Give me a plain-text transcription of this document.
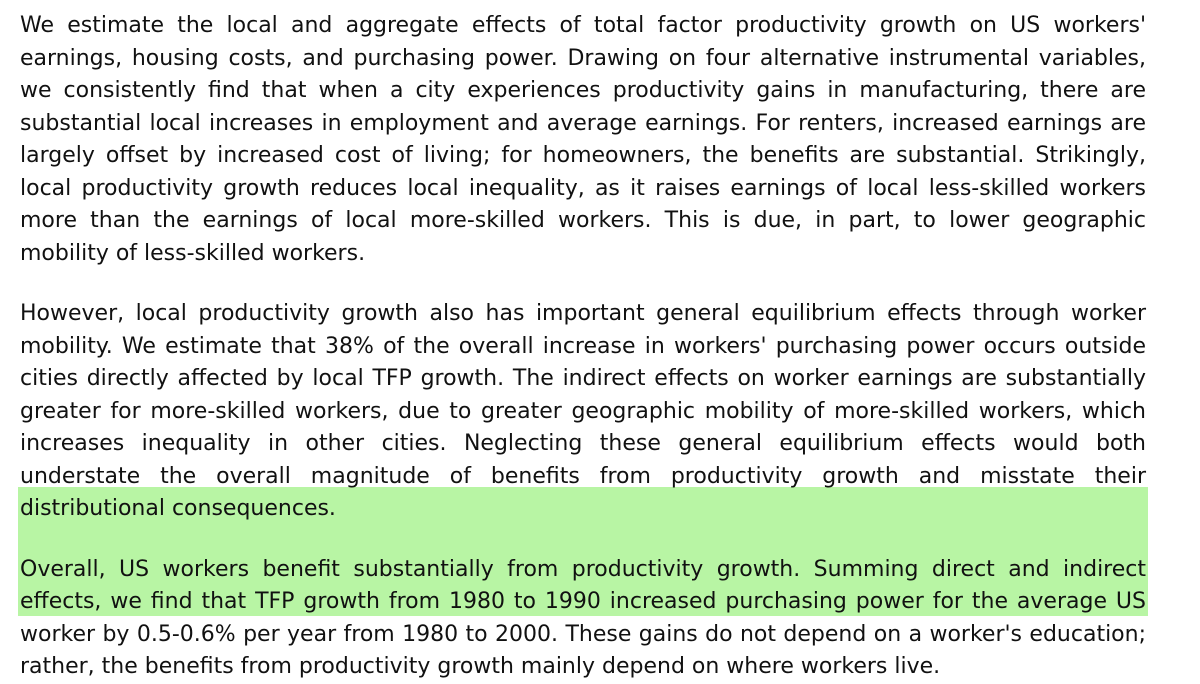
We estimate the local and aggregate effects of total factor productivity growth on US workers' earnings, housing costs, and purchasing power. Drawing on four alternative instrumental variables, we consistently find that when a city experiences productivity gains in manufacturing, there are substantial local increases in employment and average earnings. For renters, increased earnings are largely offset by increased cost of living; for homeowners, the benefits are substantial. Strikingly, local productivity growth reduces local inequality, as it raises earnings of local less-skilled workers more than the earnings of local more-skilled workers. This is due, in part, to lower geographic mobility of less-skilled workers.

However, local productivity growth also has important general equilibrium effects through worker mobility. We estimate that 38% of the overall increase in workers' purchasing power occurs outside cities directly affected by local TFP growth. The indirect effects on worker earnings are substantially greater for more-skilled workers, due to greater geographic mobility of more-skilled workers, which increases inequality in other cities. Neglecting these general equilibrium effects would both understate the overall magnitude of benefits from productivity growth and misstate their distributional consequences.

Overall, US workers benefit substantially from productivity growth. Summing direct and indirect effects, we find that TFP growth from 1980 to 1990 increased purchasing power for the average US worker by 0.5-0.6% per year from 1980 to 2000. These gains do not depend on a worker's education; rather, the benefits from productivity growth mainly depend on where workers live.
